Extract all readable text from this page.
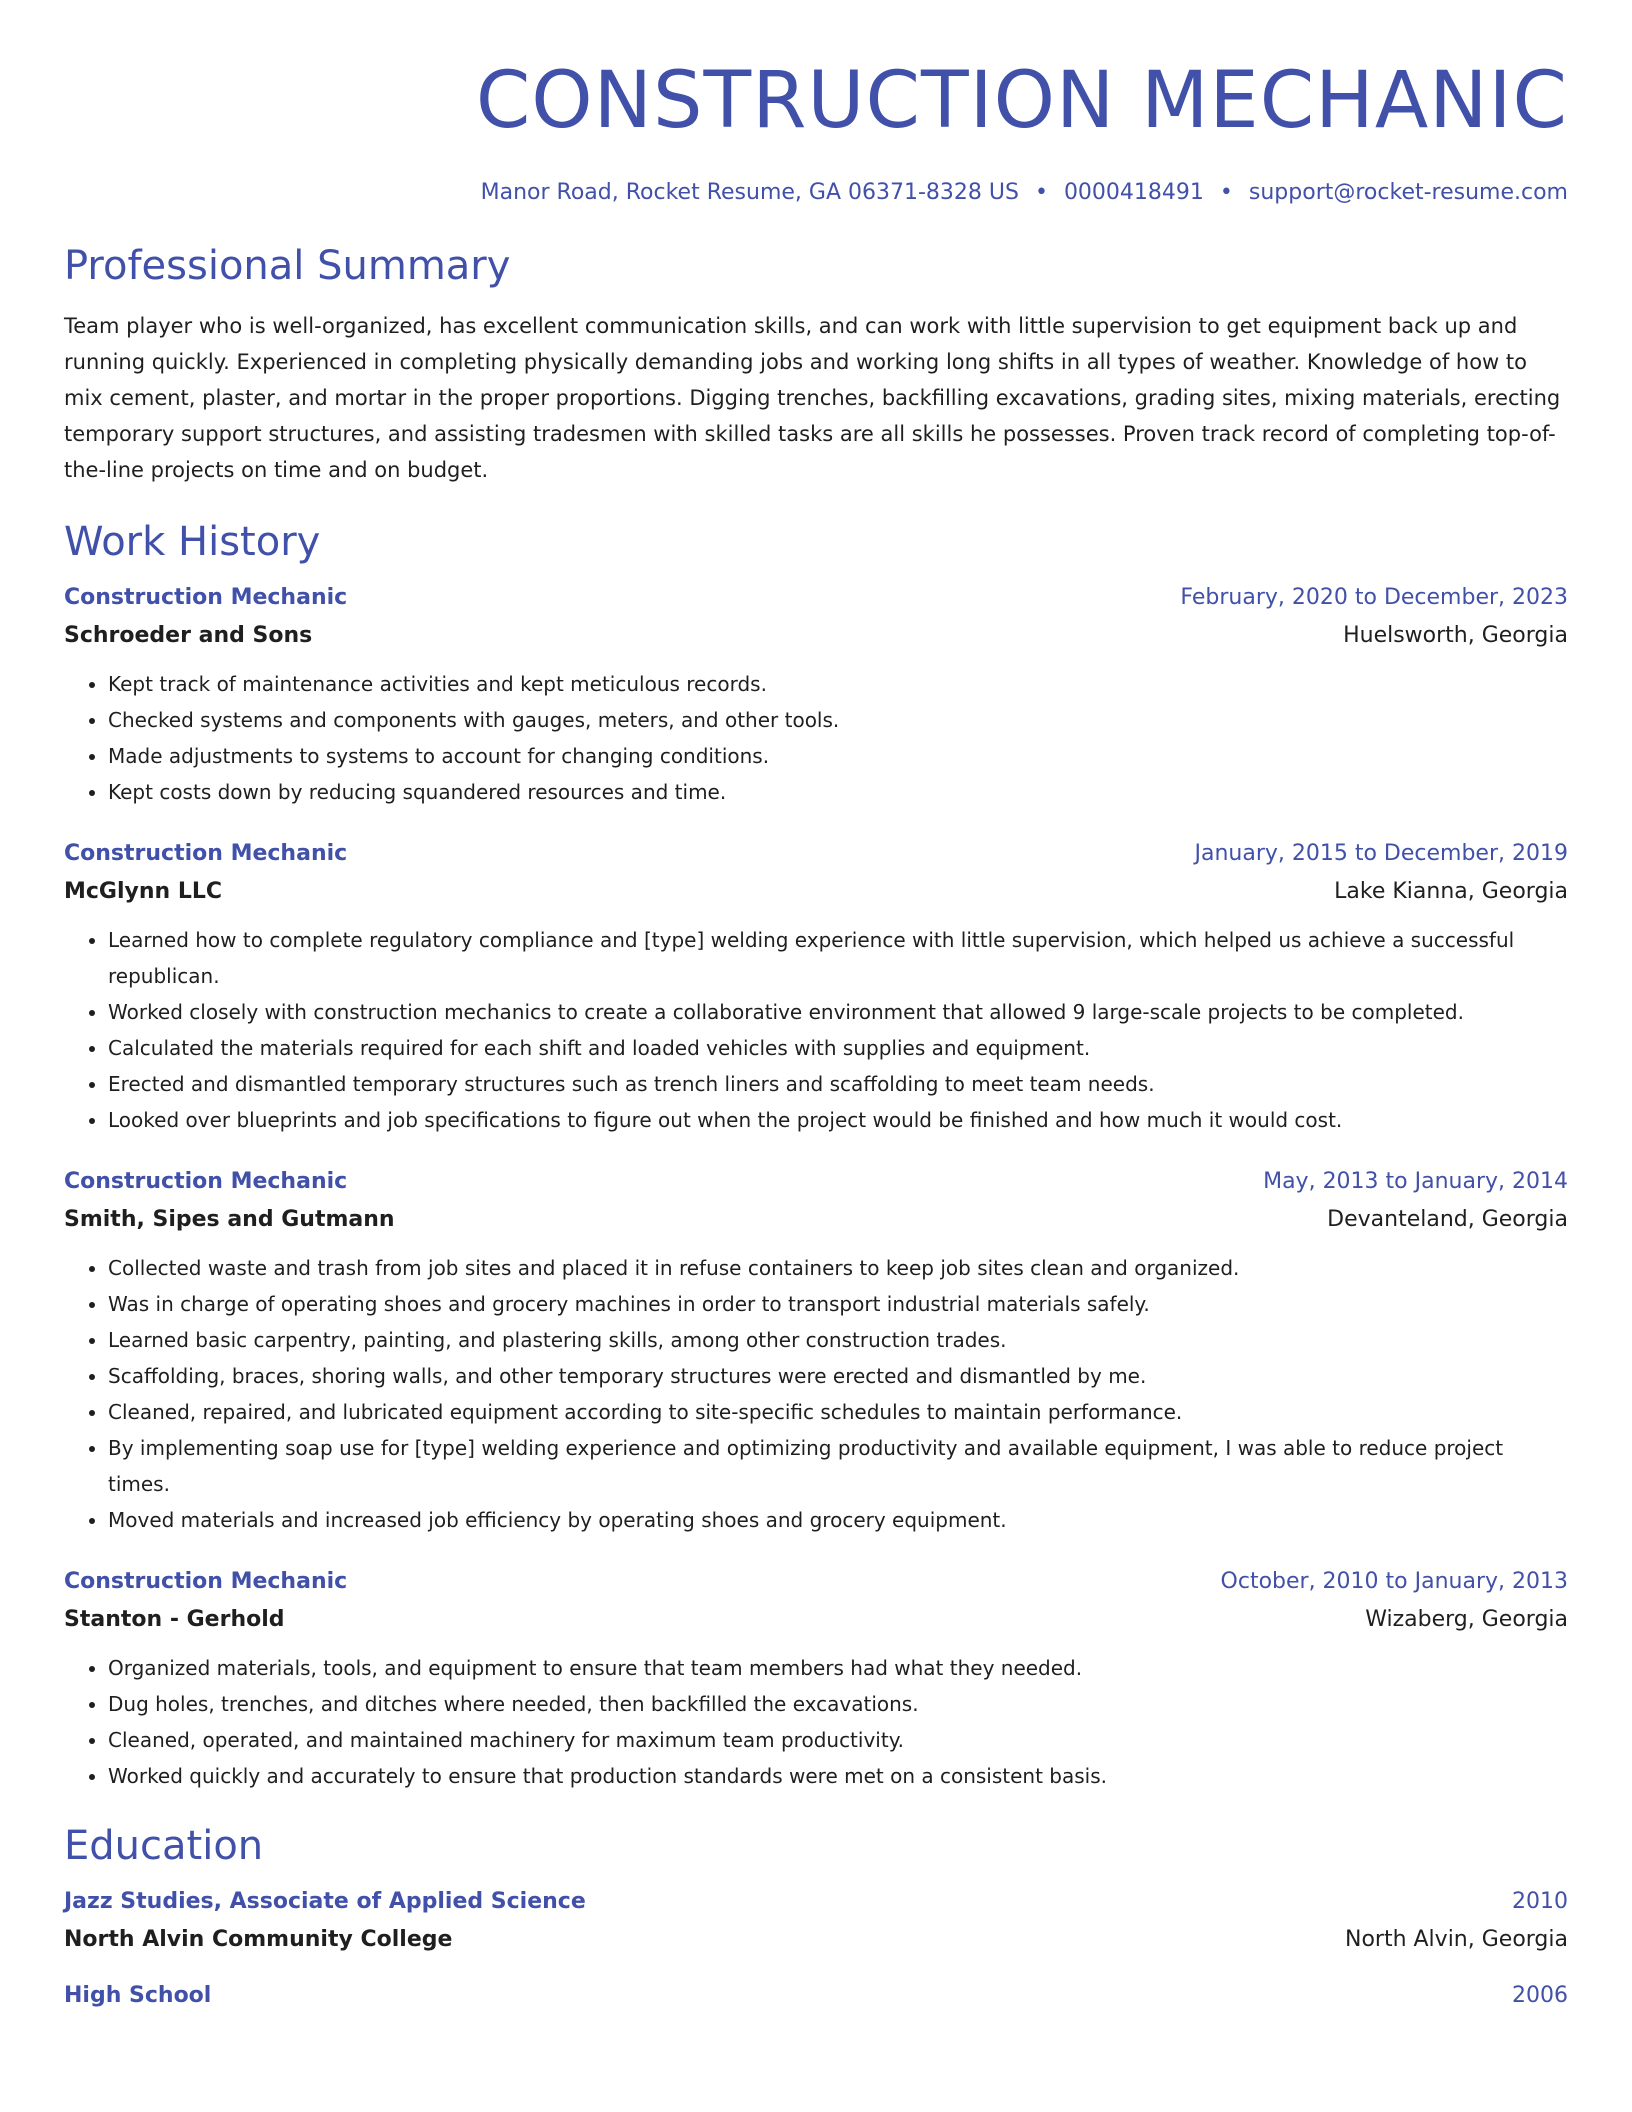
CONSTRUCTION MECHANIC
Manor Road, Rocket Resume, GA 06371-8328 US • 0000418491 • support@rocket-resume.com
Professional Summary
Team player who is well-organized, has excellent communication skills, and can work with little supervision to get equipment back up and running quickly. Experienced in completing physically demanding jobs and working long shifts in all types of weather. Knowledge of how to mix cement, plaster, and mortar in the proper proportions. Digging trenches, backfilling excavations, grading sites, mixing materials, erecting temporary support structures, and assisting tradesmen with skilled tasks are all skills he possesses. Proven track record of completing top-of-the-line projects on time and on budget.
Work History
Construction Mechanic	February, 2020 to December, 2023
Schroeder and Sons	Huelsworth, Georgia
• Kept track of maintenance activities and kept meticulous records.
• Checked systems and components with gauges, meters, and other tools.
• Made adjustments to systems to account for changing conditions.
• Kept costs down by reducing squandered resources and time.
Construction Mechanic	January, 2015 to December, 2019
McGlynn LLC	Lake Kianna, Georgia
• Learned how to complete regulatory compliance and [type] welding experience with little supervision, which helped us achieve a successful republican.
• Worked closely with construction mechanics to create a collaborative environment that allowed 9 large-scale projects to be completed.
• Calculated the materials required for each shift and loaded vehicles with supplies and equipment.
• Erected and dismantled temporary structures such as trench liners and scaffolding to meet team needs.
• Looked over blueprints and job specifications to figure out when the project would be finished and how much it would cost.
Construction Mechanic	May, 2013 to January, 2014
Smith, Sipes and Gutmann	Devanteland, Georgia
• Collected waste and trash from job sites and placed it in refuse containers to keep job sites clean and organized.
• Was in charge of operating shoes and grocery machines in order to transport industrial materials safely.
• Learned basic carpentry, painting, and plastering skills, among other construction trades.
• Scaffolding, braces, shoring walls, and other temporary structures were erected and dismantled by me.
• Cleaned, repaired, and lubricated equipment according to site-specific schedules to maintain performance.
• By implementing soap use for [type] welding experience and optimizing productivity and available equipment, I was able to reduce project times.
• Moved materials and increased job efficiency by operating shoes and grocery equipment.
Construction Mechanic	October, 2010 to January, 2013
Stanton - Gerhold	Wizaberg, Georgia
• Organized materials, tools, and equipment to ensure that team members had what they needed.
• Dug holes, trenches, and ditches where needed, then backfilled the excavations.
• Cleaned, operated, and maintained machinery for maximum team productivity.
• Worked quickly and accurately to ensure that production standards were met on a consistent basis.
Education
Jazz Studies, Associate of Applied Science	2010
North Alvin Community College	North Alvin, Georgia
High School	2006
